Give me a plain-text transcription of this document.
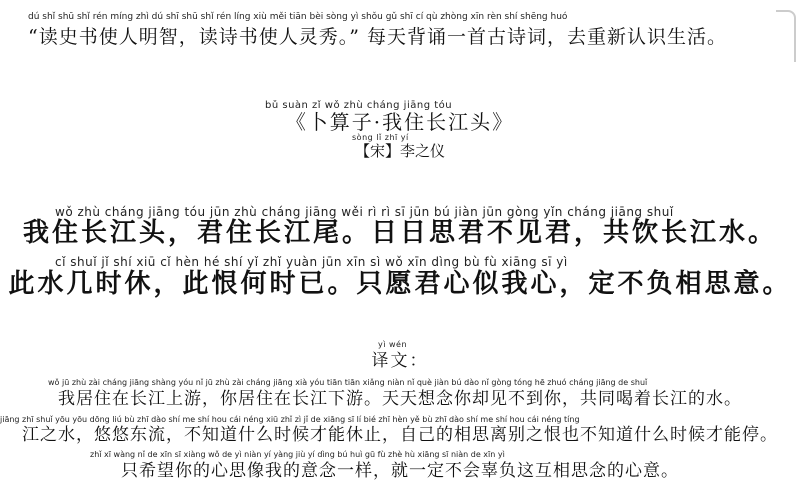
dú shǐ shū shǐ rén míng zhì dú shī shū shǐ rén líng xiù měi tiān bèi sòng yì shǒu gǔ shī cí qù zhòng xīn rèn shí shēng huó
“读史书使人明智，读诗书使人灵秀。” 每天背诵一首古诗词，去重新认识生活。
bǔ suàn zǐ wǒ zhù cháng jiāng tóu
《卜算子·我住长江头》
sòng lǐ zhī yí
【宋】李之仪
wǒ zhù cháng jiāng tóu jūn zhù cháng jiāng wěi rì rì sī jūn bú jiàn jūn gòng yǐn cháng jiāng shuǐ
我住长江头，君住长江尾。日日思君不见君，共饮长江水。
cǐ shuǐ jǐ shí xiū cǐ hèn hé shí yǐ zhǐ yuàn jūn xīn sì wǒ xīn dìng bù fù xiāng sī yì
此水几时休，此恨何时已。只愿君心似我心，定不负相思意。
yì wén
译文：
wǒ jū zhù zài cháng jiāng shàng yóu nǐ jū zhù zài cháng jiāng xià yóu tiān tiān xiǎng niàn nǐ què jiàn bú dào nǐ gòng tóng hē zhuó cháng jiāng de shuǐ
我居住在长江上游，你居住在长江下游。天天想念你却见不到你，共同喝着长江的水。
jiāng zhī shuǐ yōu yōu dōng liú bù zhī dào shí me shí hou cái néng xiū zhǐ zì jǐ de xiāng sī lí bié zhī hèn yě bù zhī dào shí me shí hou cái néng tíng
江之水，悠悠东流，不知道什么时候才能休止，自己的相思离别之恨也不知道什么时候才能停。
zhǐ xī wàng nǐ de xīn sī xiàng wǒ de yì niàn yí yàng jiù yí dìng bú huì gū fù zhè hù xiāng sī niàn de xīn yì
只希望你的心思像我的意念一样，就一定不会辜负这互相思念的心意。
